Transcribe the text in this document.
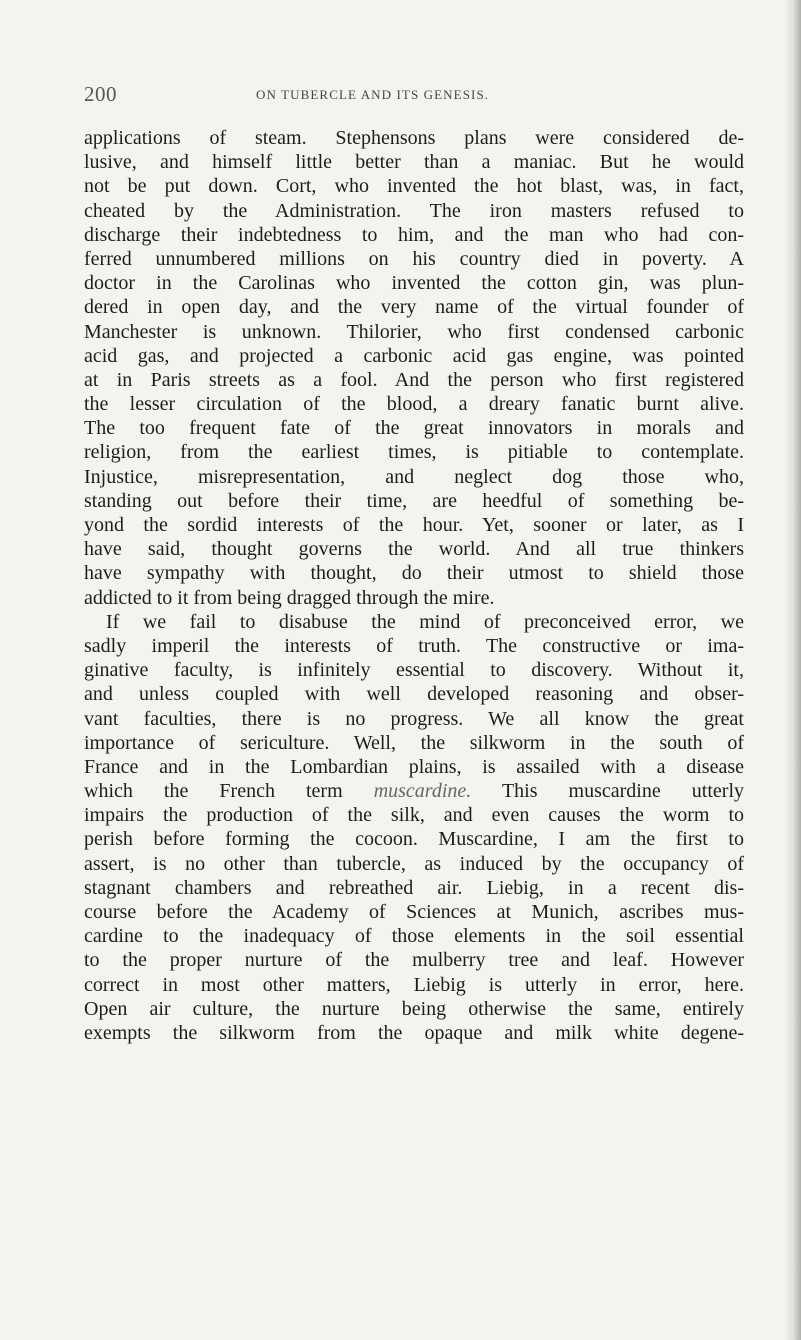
200	ON TUBERCLE AND ITS GENESIS.
applications of steam. Stephensons plans were considered de-
lusive, and himself little better than a maniac. But he would
not be put down. Cort, who invented the hot blast, was, in fact,
cheated by the Administration. The iron masters refused to
discharge their indebtedness to him, and the man who had con-
ferred unnumbered millions on his country died in poverty. A
doctor in the Carolinas who invented the cotton gin, was plun-
dered in open day, and the very name of the virtual founder of
Manchester is unknown. Thilorier, who first condensed carbonic
acid gas, and projected a carbonic acid gas engine, was pointed
at in Paris streets as a fool. And the person who first registered
the lesser circulation of the blood, a dreary fanatic burnt alive.
The too frequent fate of the great innovators in morals and
religion, from the earliest times, is pitiable to contemplate.
Injustice, misrepresentation, and neglect dog those who,
standing out before their time, are heedful of something be-
yond the sordid interests of the hour. Yet, sooner or later, as I
have said, thought governs the world. And all true thinkers
have sympathy with thought, do their utmost to shield those
addicted to it from being dragged through the mire.
If we fail to disabuse the mind of preconceived error, we
sadly imperil the interests of truth. The constructive or ima-
ginative faculty, is infinitely essential to discovery. Without it,
and unless coupled with well developed reasoning and obser-
vant faculties, there is no progress. We all know the great
importance of sericulture. Well, the silkworm in the south of
France and in the Lombardian plains, is assailed with a disease
which the French term muscardine. This muscardine utterly
impairs the production of the silk, and even causes the worm to
perish before forming the cocoon. Muscardine, I am the first to
assert, is no other than tubercle, as induced by the occupancy of
stagnant chambers and rebreathed air. Liebig, in a recent dis-
course before the Academy of Sciences at Munich, ascribes mus-
cardine to the inadequacy of those elements in the soil essential
to the proper nurture of the mulberry tree and leaf. However
correct in most other matters, Liebig is utterly in error, here.
Open air culture, the nurture being otherwise the same, entirely
exempts the silkworm from the opaque and milk white degene-
